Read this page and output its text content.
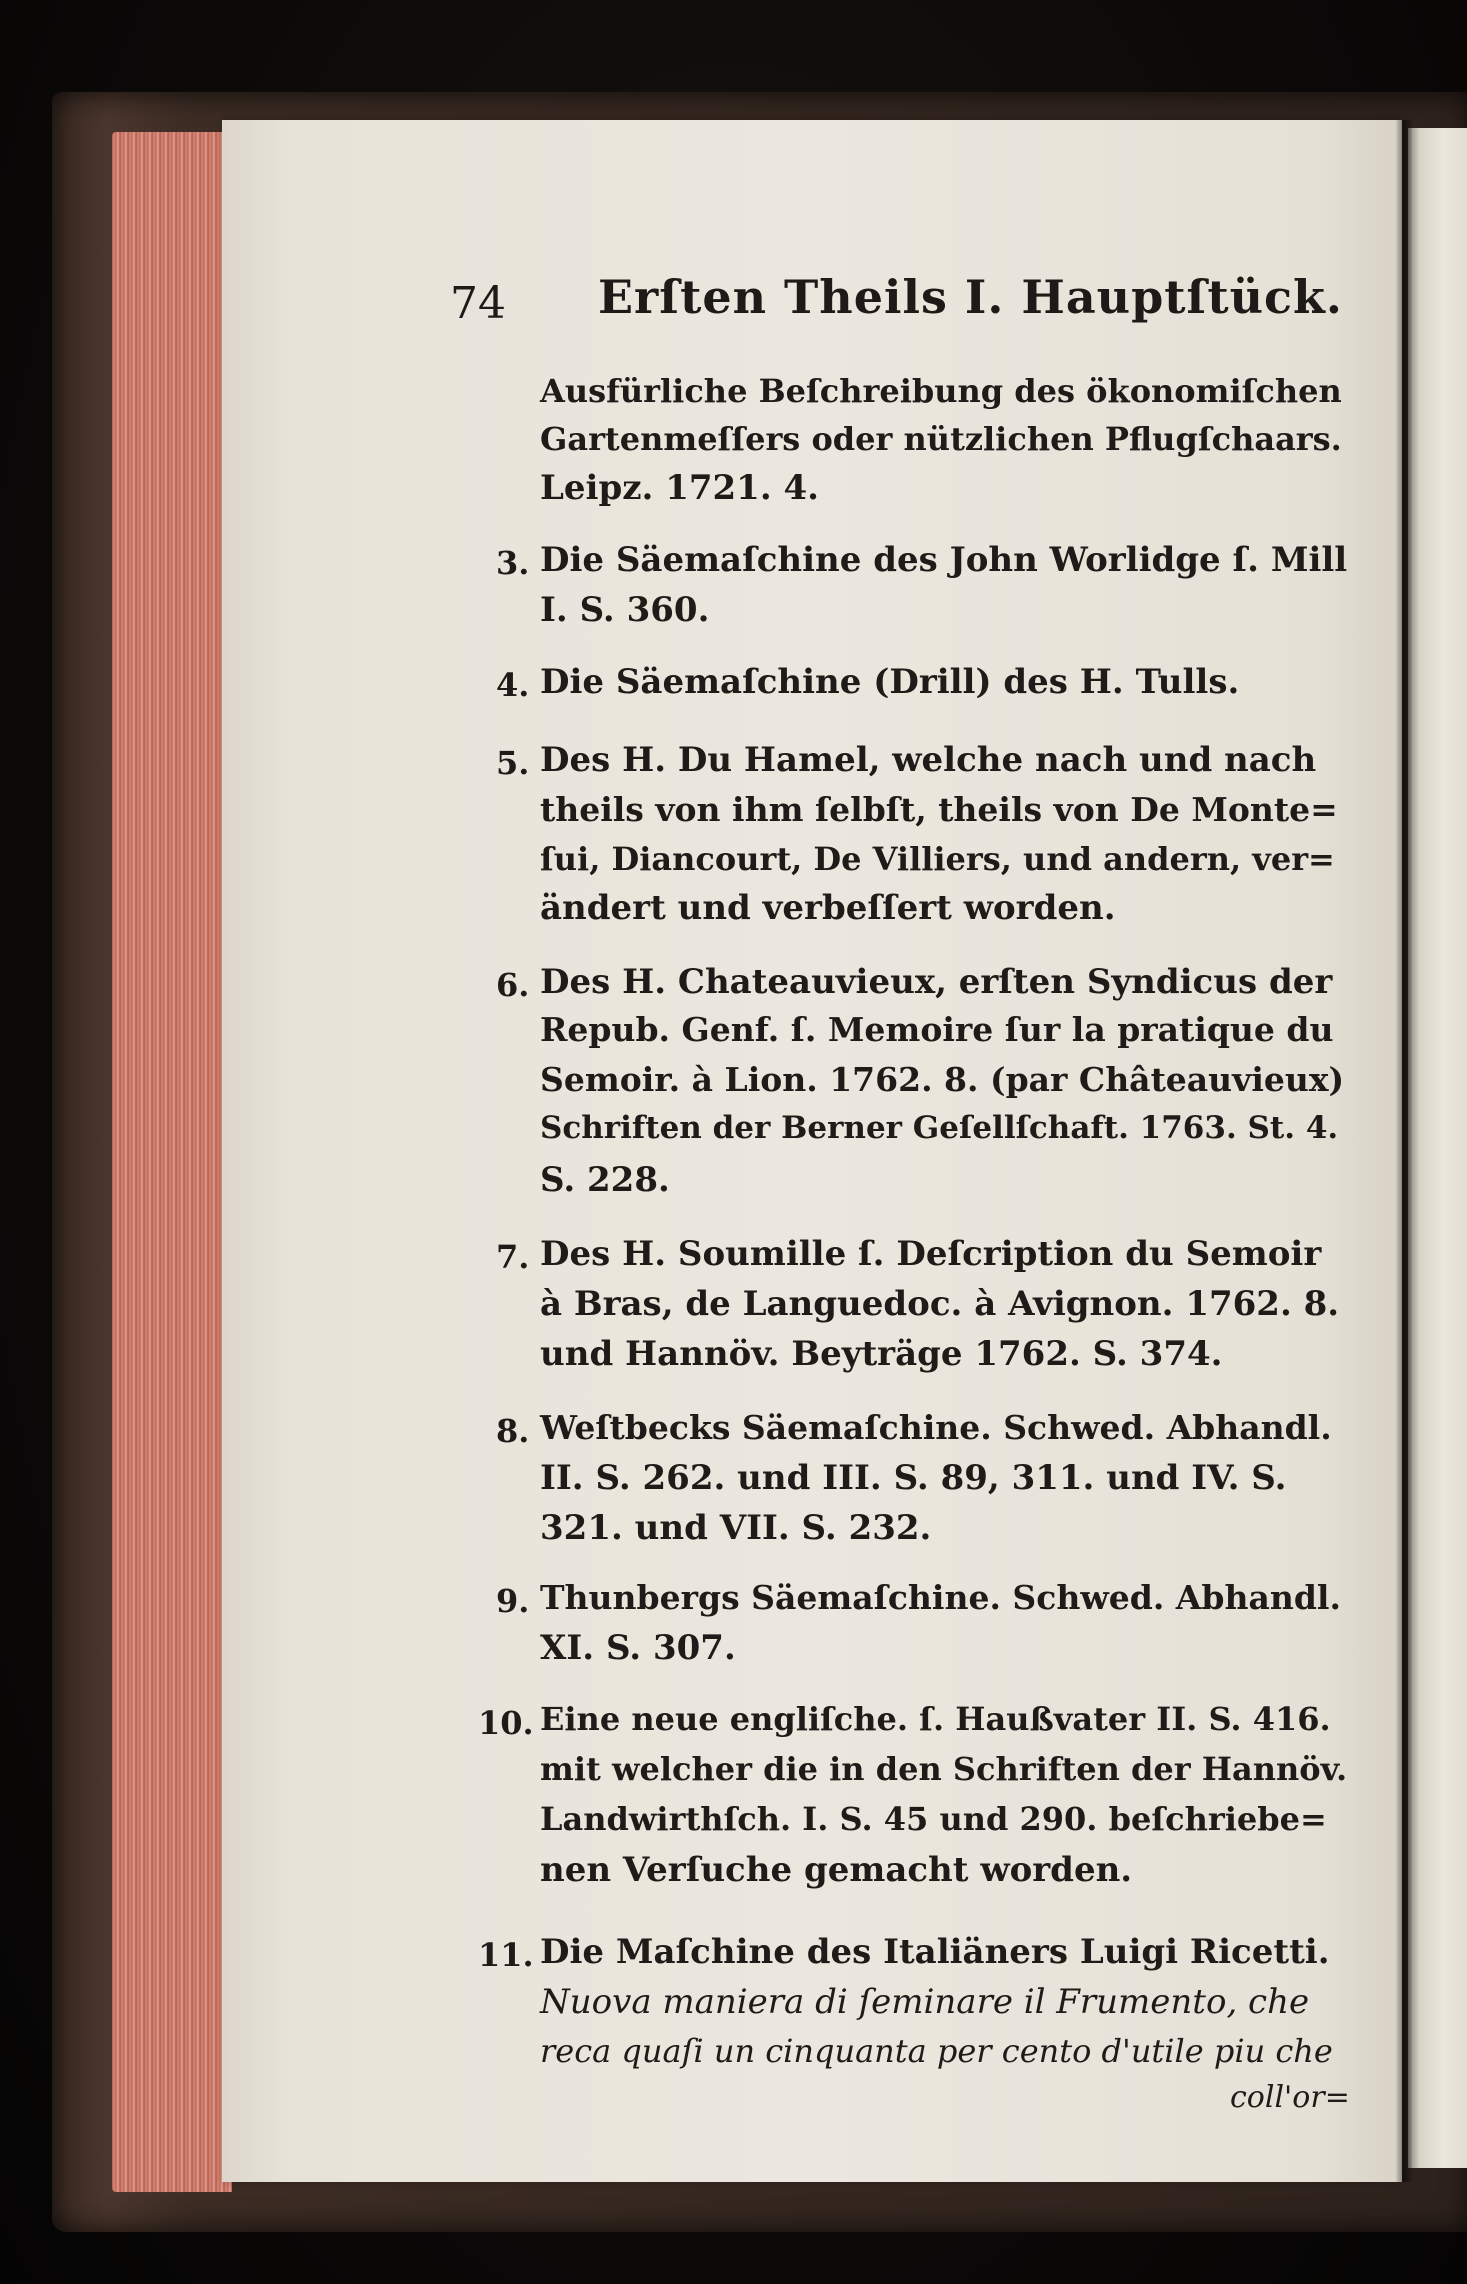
74 Erſten Theils I. Hauptſtück.
Ausfürliche Beſchreibung des ökonomiſchen
Gartenmeſſers oder nützlichen Pflugſchaars.
Leipz. 1721. 4.
3. Die Säemaſchine des John Worlidge ſ. Mill
I. S. 360.
4. Die Säemaſchine (Drill) des H. Tulls.
5. Des H. Du Hamel, welche nach und nach
theils von ihm ſelbſt, theils von De Monte=
ſui, Diancourt, De Villiers, und andern, ver=
ändert und verbeſſert worden.
6. Des H. Chateauvieux, erſten Syndicus der
Repub. Genf. ſ. Memoire ſur la pratique du
Semoir. à Lion. 1762. 8. (par Châteauvieux)
Schriften der Berner Geſellſchaft. 1763. St. 4.
S. 228.
7. Des H. Soumille ſ. Deſcription du Semoir
à Bras, de Languedoc. à Avignon. 1762. 8.
und Hannöv. Beyträge 1762. S. 374.
8. Weſtbecks Säemaſchine. Schwed. Abhandl.
II. S. 262. und III. S. 89, 311. und IV. S.
321. und VII. S. 232.
9. Thunbergs Säemaſchine. Schwed. Abhandl.
XI. S. 307.
10. Eine neue engliſche. ſ. Haußvater II. S. 416.
mit welcher die in den Schriften der Hannöv.
Landwirthſch. I. S. 45 und 290. beſchriebe=
nen Verſuche gemacht worden.
11. Die Maſchine des Italiäners Luigi Ricetti.
Nuova maniera di ſeminare il Frumento, che
reca quaſi un cinquanta per cento d'utile piu che
coll'or=
